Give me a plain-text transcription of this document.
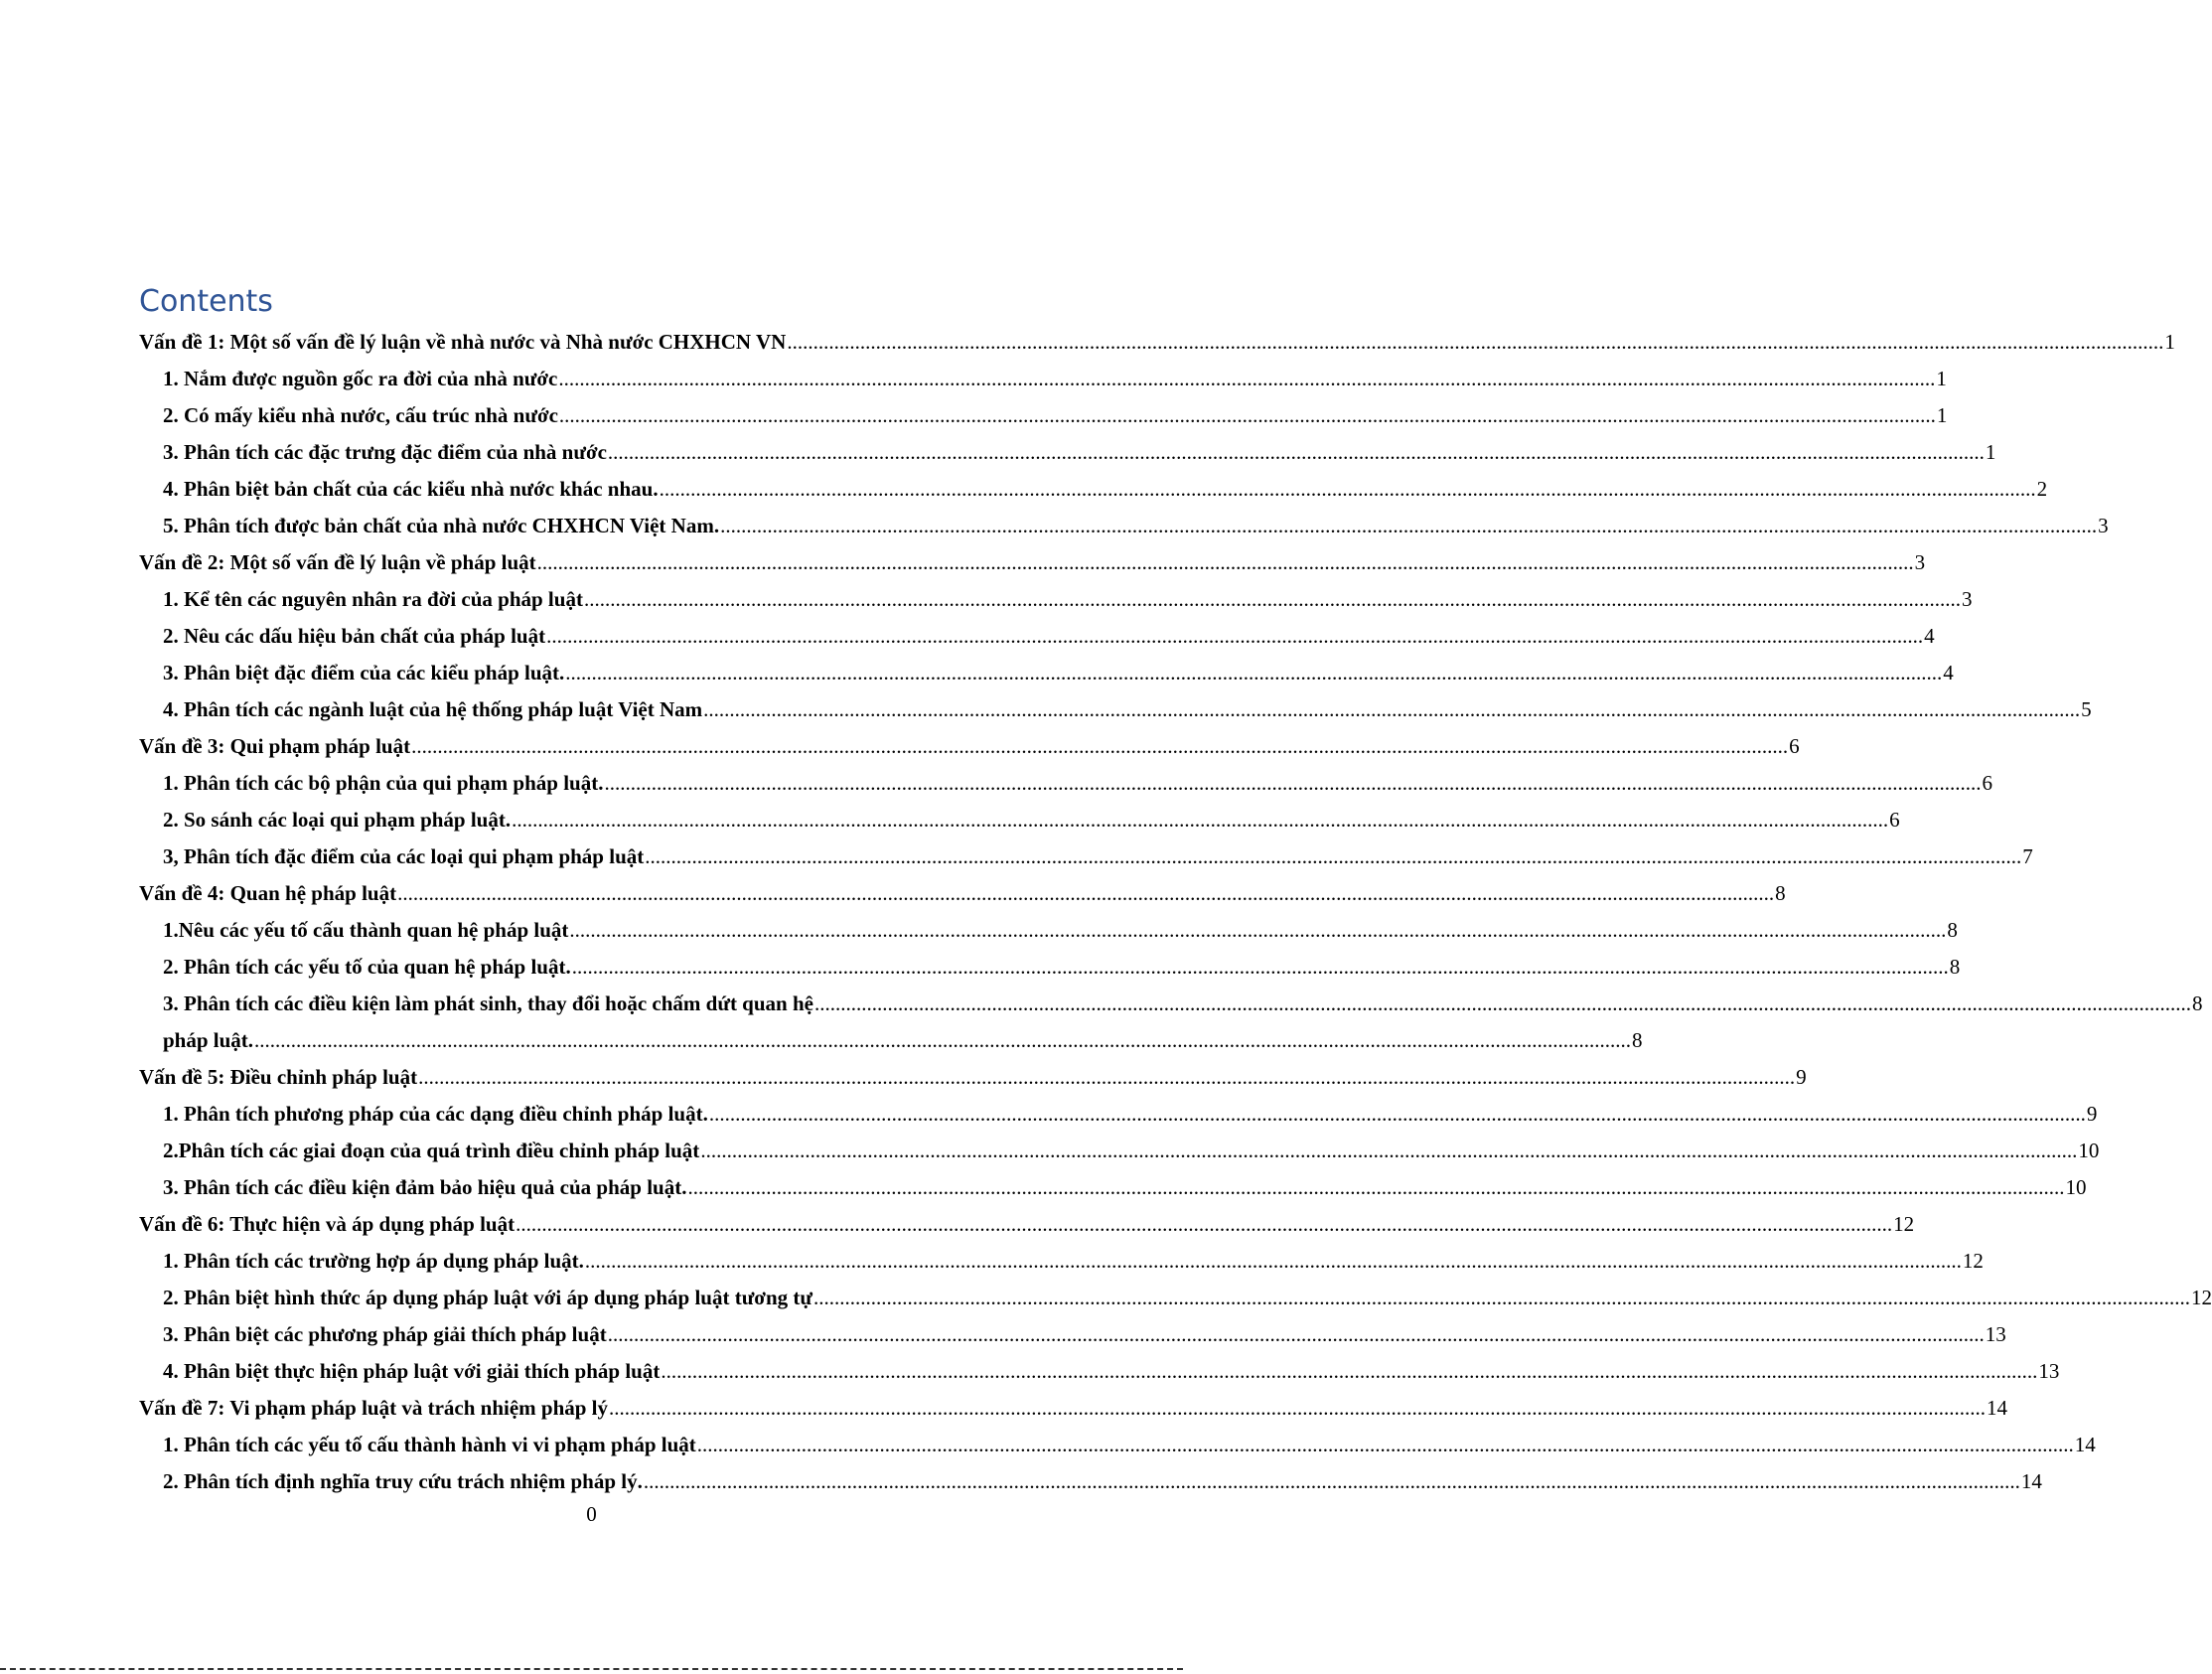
Contents
Vấn đề 1: Một số vấn đề lý luận về nhà nước và Nhà nước CHXHCN VN .....	1
1. Nắm được nguồn gốc ra đời của nhà nước .....	1
2. Có mấy kiểu nhà nước, cấu trúc nhà nước .....	1
3. Phân tích các đặc trưng đặc điểm của nhà nước .....	1
4. Phân biệt bản chất của các kiểu nhà nước khác nhau. .....	2
5. Phân tích được bản chất của nhà nước CHXHCN Việt Nam. .....	3
Vấn đề 2: Một số vấn đề lý luận về pháp luật .....	3
1. Kể tên các nguyên nhân ra đời của pháp luật .....	3
2. Nêu các dấu hiệu bản chất của pháp luật .....	4
3. Phân biệt đặc điểm của các kiểu pháp luật. .....	4
4. Phân tích các ngành luật của hệ thống pháp luật Việt Nam .....	5
Vấn đề 3: Qui phạm pháp luật .....	6
1. Phân tích các bộ phận của qui phạm pháp luật. .....	6
2. So sánh các loại qui phạm pháp luật. .....	6
3, Phân tích đặc điểm của các loại qui phạm pháp luật .....	7
Vấn đề 4: Quan hệ pháp luật .....	8
1.Nêu các yếu tố cấu thành quan hệ pháp luật .....	8
2. Phân tích các yếu tố của quan hệ pháp luật. .....	8
3. Phân tích các điều kiện làm phát sinh, thay đổi hoặc chấm dứt quan hệ .....	8
pháp luật. .....	8
Vấn đề 5: Điều chỉnh pháp luật .....	9
1. Phân tích phương pháp của các dạng điều chỉnh pháp luật. .....	9
2.Phân tích các giai đoạn của quá trình điều chỉnh pháp luật .....	10
3. Phân tích các điều kiện đảm bảo hiệu quả của pháp luật. .....	10
Vấn đề 6: Thực hiện và áp dụng pháp luật .....	12
1. Phân tích các trường hợp áp dụng pháp luật. .....	12
2. Phân biệt hình thức áp dụng pháp luật với áp dụng pháp luật tương tự .....	12
3. Phân biệt các phương pháp giải thích pháp luật .....	13
4. Phân biệt thực hiện pháp luật với giải thích pháp luật .....	13
Vấn đề 7: Vi phạm pháp luật và trách nhiệm pháp lý .....	14
1. Phân tích các yếu tố cấu thành hành vi vi phạm pháp luật .....	14
2. Phân tích định nghĩa truy cứu trách nhiệm pháp lý. .....	14
0
